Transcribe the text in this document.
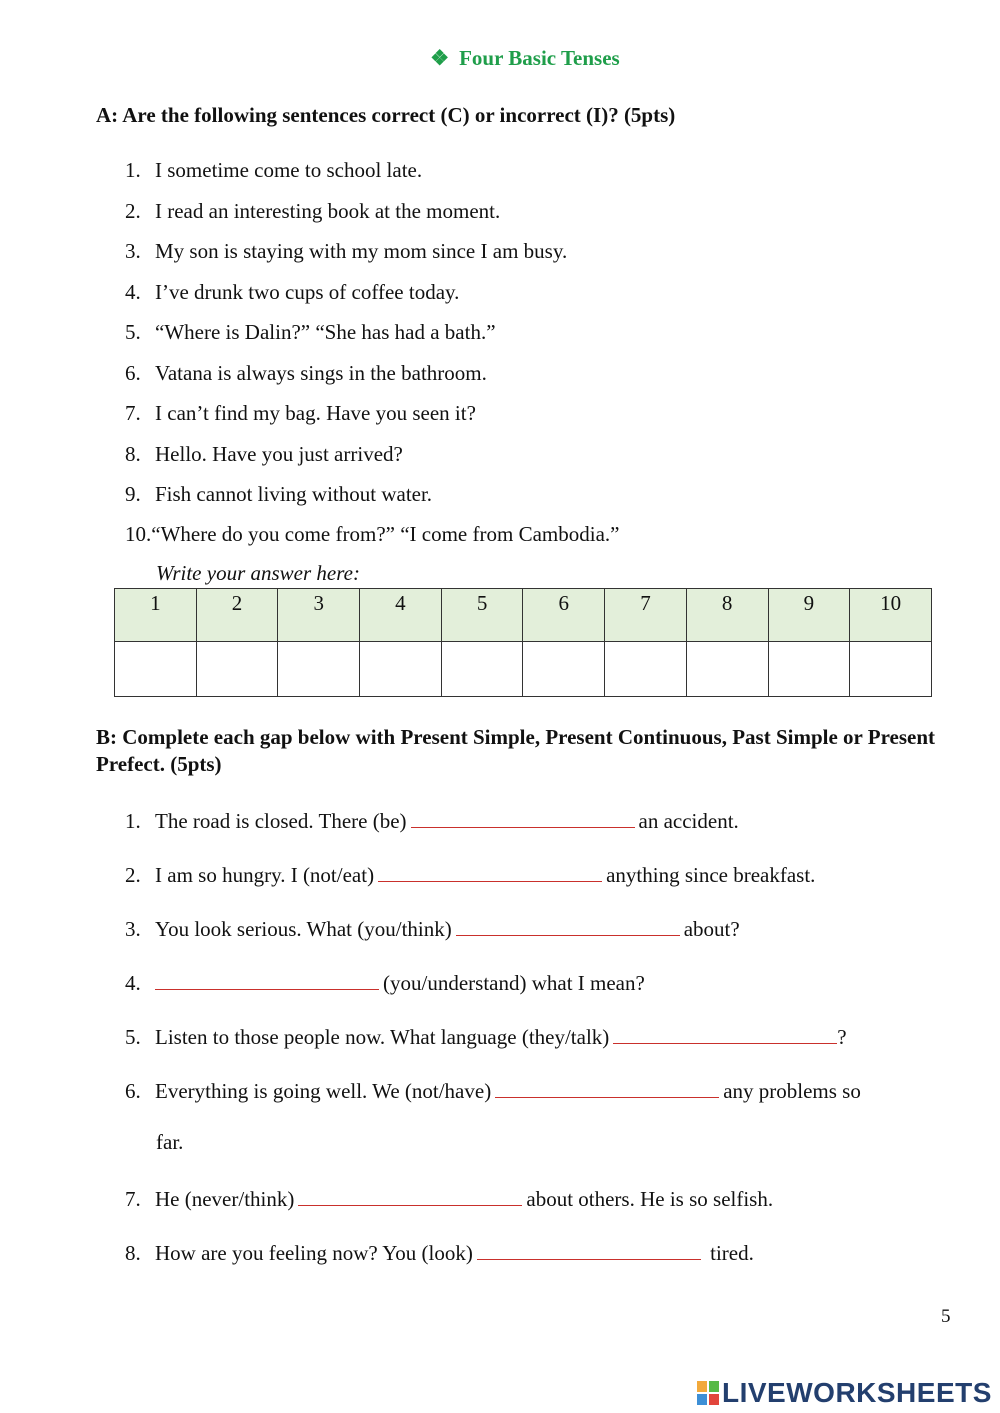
❖ Four Basic Tenses
A: Are the following sentences correct (C) or incorrect (I)? (5pts)
1. I sometime come to school late.
2. I read an interesting book at the moment.
3. My son is staying with my mom since I am busy.
4. I’ve drunk two cups of coffee today.
5. “Where is Dalin?” “She has had a bath.”
6. Vatana is always sings in the bathroom.
7. I can’t find my bag. Have you seen it?
8. Hello. Have you just arrived?
9. Fish cannot living without water.
10.“Where do you come from?” “I come from Cambodia.”
Write your answer here:
1	2	3	4	5	6	7	8	9	10

B: Complete each gap below with Present Simple, Present Continuous, Past Simple or Present Prefect. (5pts)
1. The road is closed. There (be)	an accident.
2. I am so hungry. I (not/eat)	anything since breakfast.
3. You look serious. What (you/think)	about?
4.	(you/understand) what I mean?
5. Listen to those people now. What language (they/talk)	?
6. Everything is going well. We (not/have)	any problems so
far.
7. He (never/think)	about others. He is so selfish.
8. How are you feeling now? You (look)	tired.
5
LIVEWORKSHEETS
